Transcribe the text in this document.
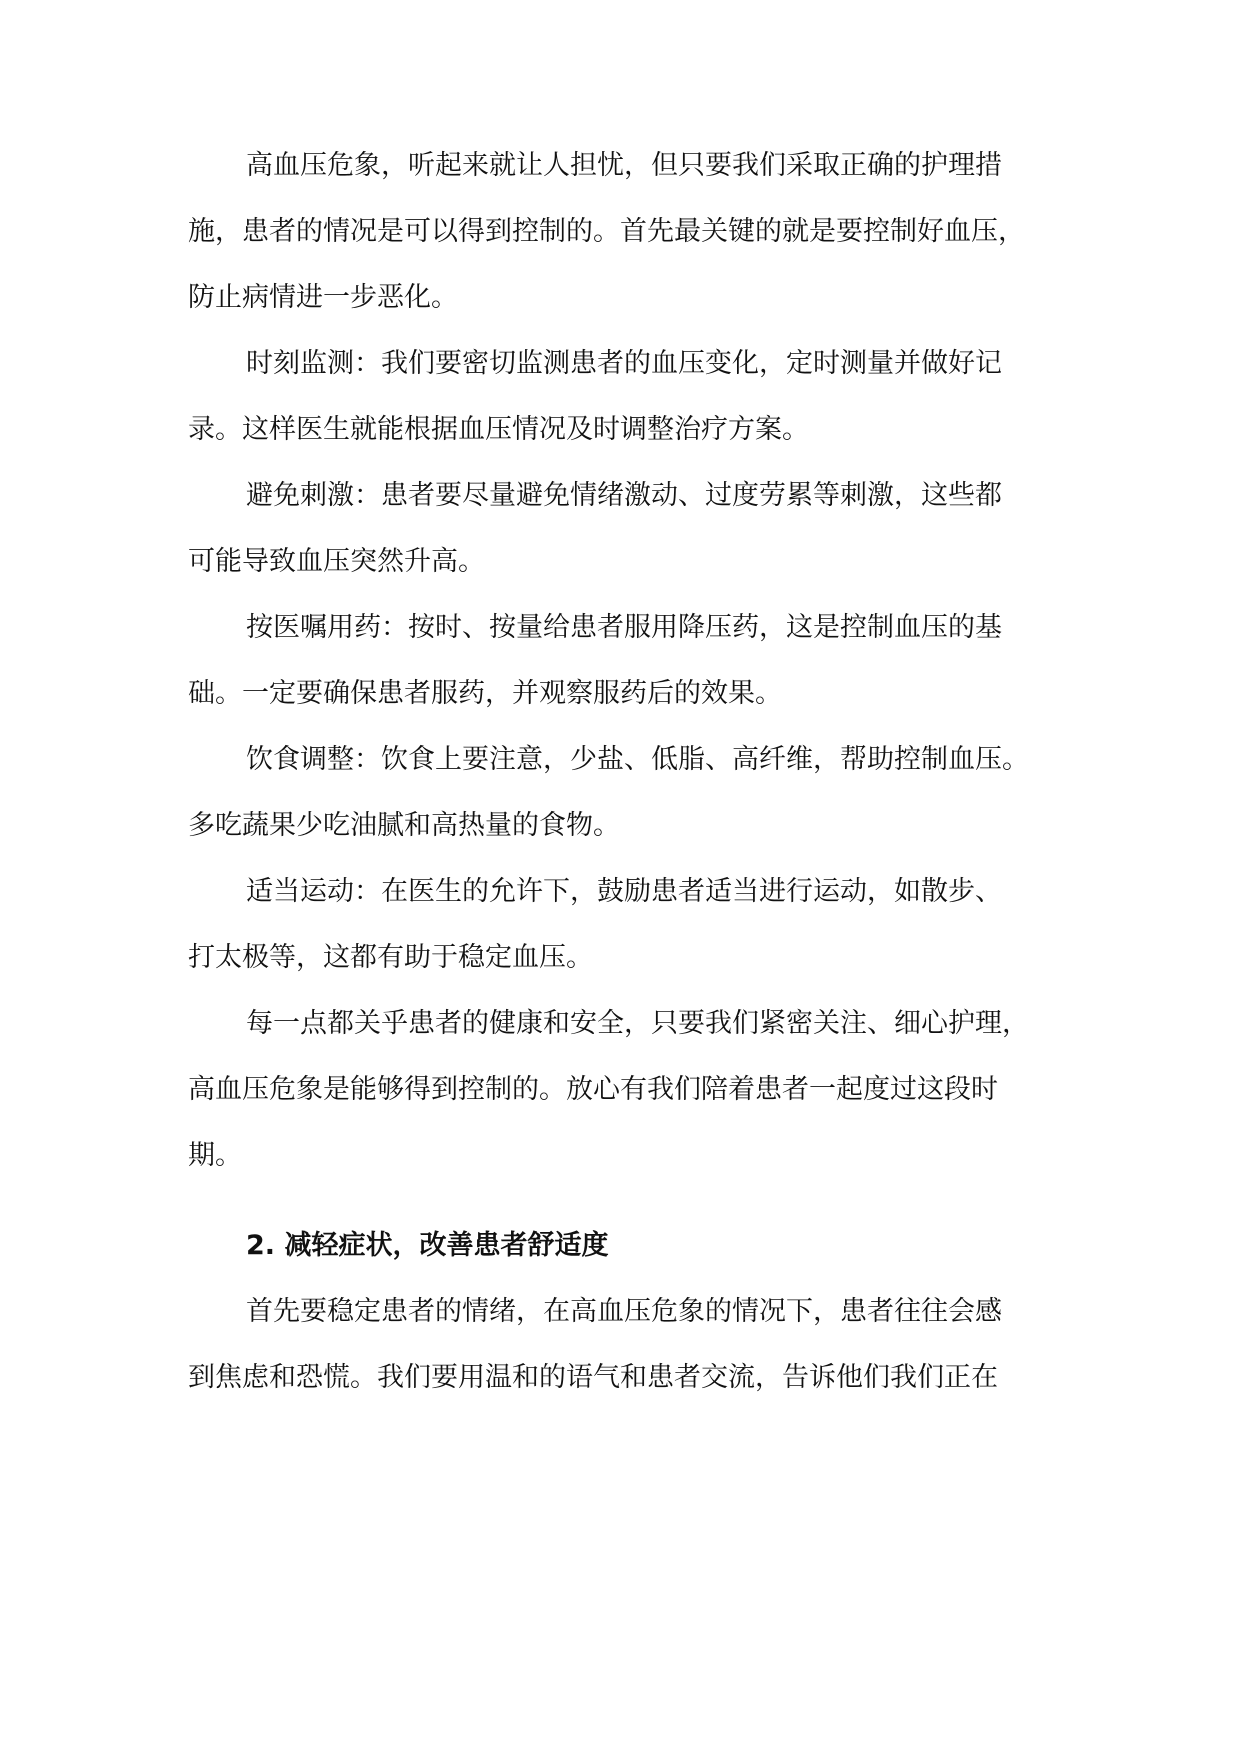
高血压危象，听起来就让人担忧，但只要我们采取正确的护理措
施，患者的情况是可以得到控制的。首先最关键的就是要控制好血压，
防止病情进一步恶化。
时刻监测：我们要密切监测患者的血压变化，定时测量并做好记
录。这样医生就能根据血压情况及时调整治疗方案。
避免刺激：患者要尽量避免情绪激动、过度劳累等刺激，这些都
可能导致血压突然升高。
按医嘱用药：按时、按量给患者服用降压药，这是控制血压的基
础。一定要确保患者服药，并观察服药后的效果。
饮食调整：饮食上要注意，少盐、低脂、高纤维，帮助控制血压。
多吃蔬果少吃油腻和高热量的食物。
适当运动：在医生的允许下，鼓励患者适当进行运动，如散步、
打太极等，这都有助于稳定血压。
每一点都关乎患者的健康和安全，只要我们紧密关注、细心护理，
高血压危象是能够得到控制的。放心有我们陪着患者一起度过这段时
期。
2. 减轻症状，改善患者舒适度
首先要稳定患者的情绪，在高血压危象的情况下，患者往往会感
到焦虑和恐慌。我们要用温和的语气和患者交流，告诉他们我们正在
